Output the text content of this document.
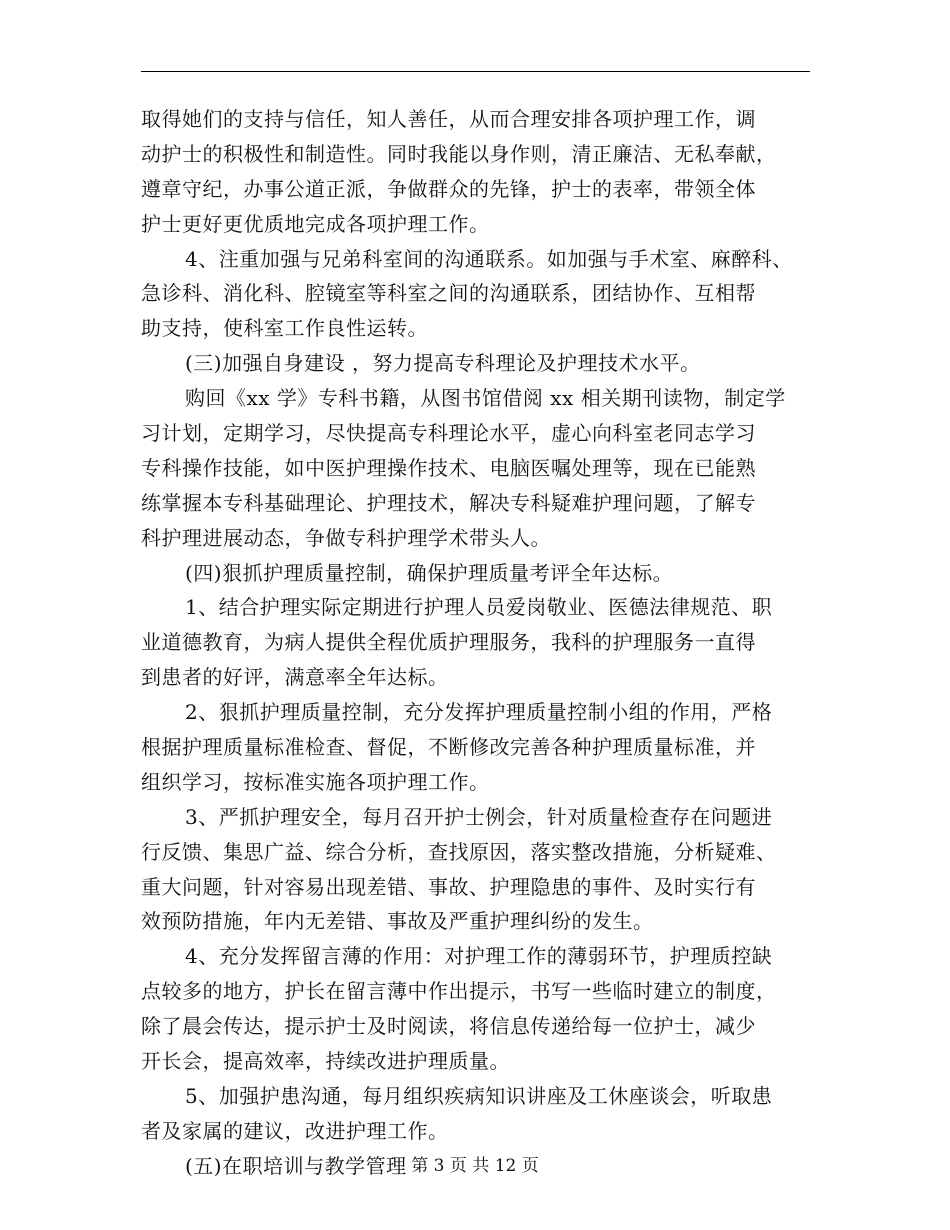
取得她们的支持与信任，知人善任，从而合理安排各项护理工作，调
动护士的积极性和制造性。同时我能以身作则，清正廉洁、无私奉献，
遵章守纪，办事公道正派，争做群众的先锋，护士的表率，带领全体
护士更好更优质地完成各项护理工作。

4、注重加强与兄弟科室间的沟通联系。如加强与手术室、麻醉科、
急诊科、消化科、腔镜室等科室之间的沟通联系，团结协作、互相帮
助支持，使科室工作良性运转。

(三)加强自身建设 ，努力提高专科理论及护理技术水平。

购回《xx 学》专科书籍，从图书馆借阅 xx 相关期刊读物，制定学
习计划，定期学习，尽快提高专科理论水平，虚心向科室老同志学习
专科操作技能，如中医护理操作技术、电脑医嘱处理等，现在已能熟
练掌握本专科基础理论、护理技术，解决专科疑难护理问题，了解专
科护理进展动态，争做专科护理学术带头人。

(四)狠抓护理质量控制，确保护理质量考评全年达标。

1、结合护理实际定期进行护理人员爱岗敬业、医德法律规范、职
业道德教育，为病人提供全程优质护理服务，我科的护理服务一直得
到患者的好评，满意率全年达标。

2、狠抓护理质量控制，充分发挥护理质量控制小组的作用，严格
根据护理质量标准检查、督促，不断修改完善各种护理质量标准，并
组织学习，按标准实施各项护理工作。

3、严抓护理安全，每月召开护士例会，针对质量检查存在问题进
行反馈、集思广益、综合分析，查找原因，落实整改措施，分析疑难、
重大问题，针对容易出现差错、事故、护理隐患的事件、及时实行有
效预防措施，年内无差错、事故及严重护理纠纷的发生。

4、充分发挥留言薄的作用：对护理工作的薄弱环节，护理质控缺
点较多的地方，护长在留言薄中作出提示，书写一些临时建立的制度，
除了晨会传达，提示护士及时阅读，将信息传递给每一位护士，减少
开长会，提高效率，持续改进护理质量。

5、加强护患沟通，每月组织疾病知识讲座及工休座谈会，听取患
者及家属的建议，改进护理工作。

(五)在职培训与教学管理 第 3 页 共 12 页
